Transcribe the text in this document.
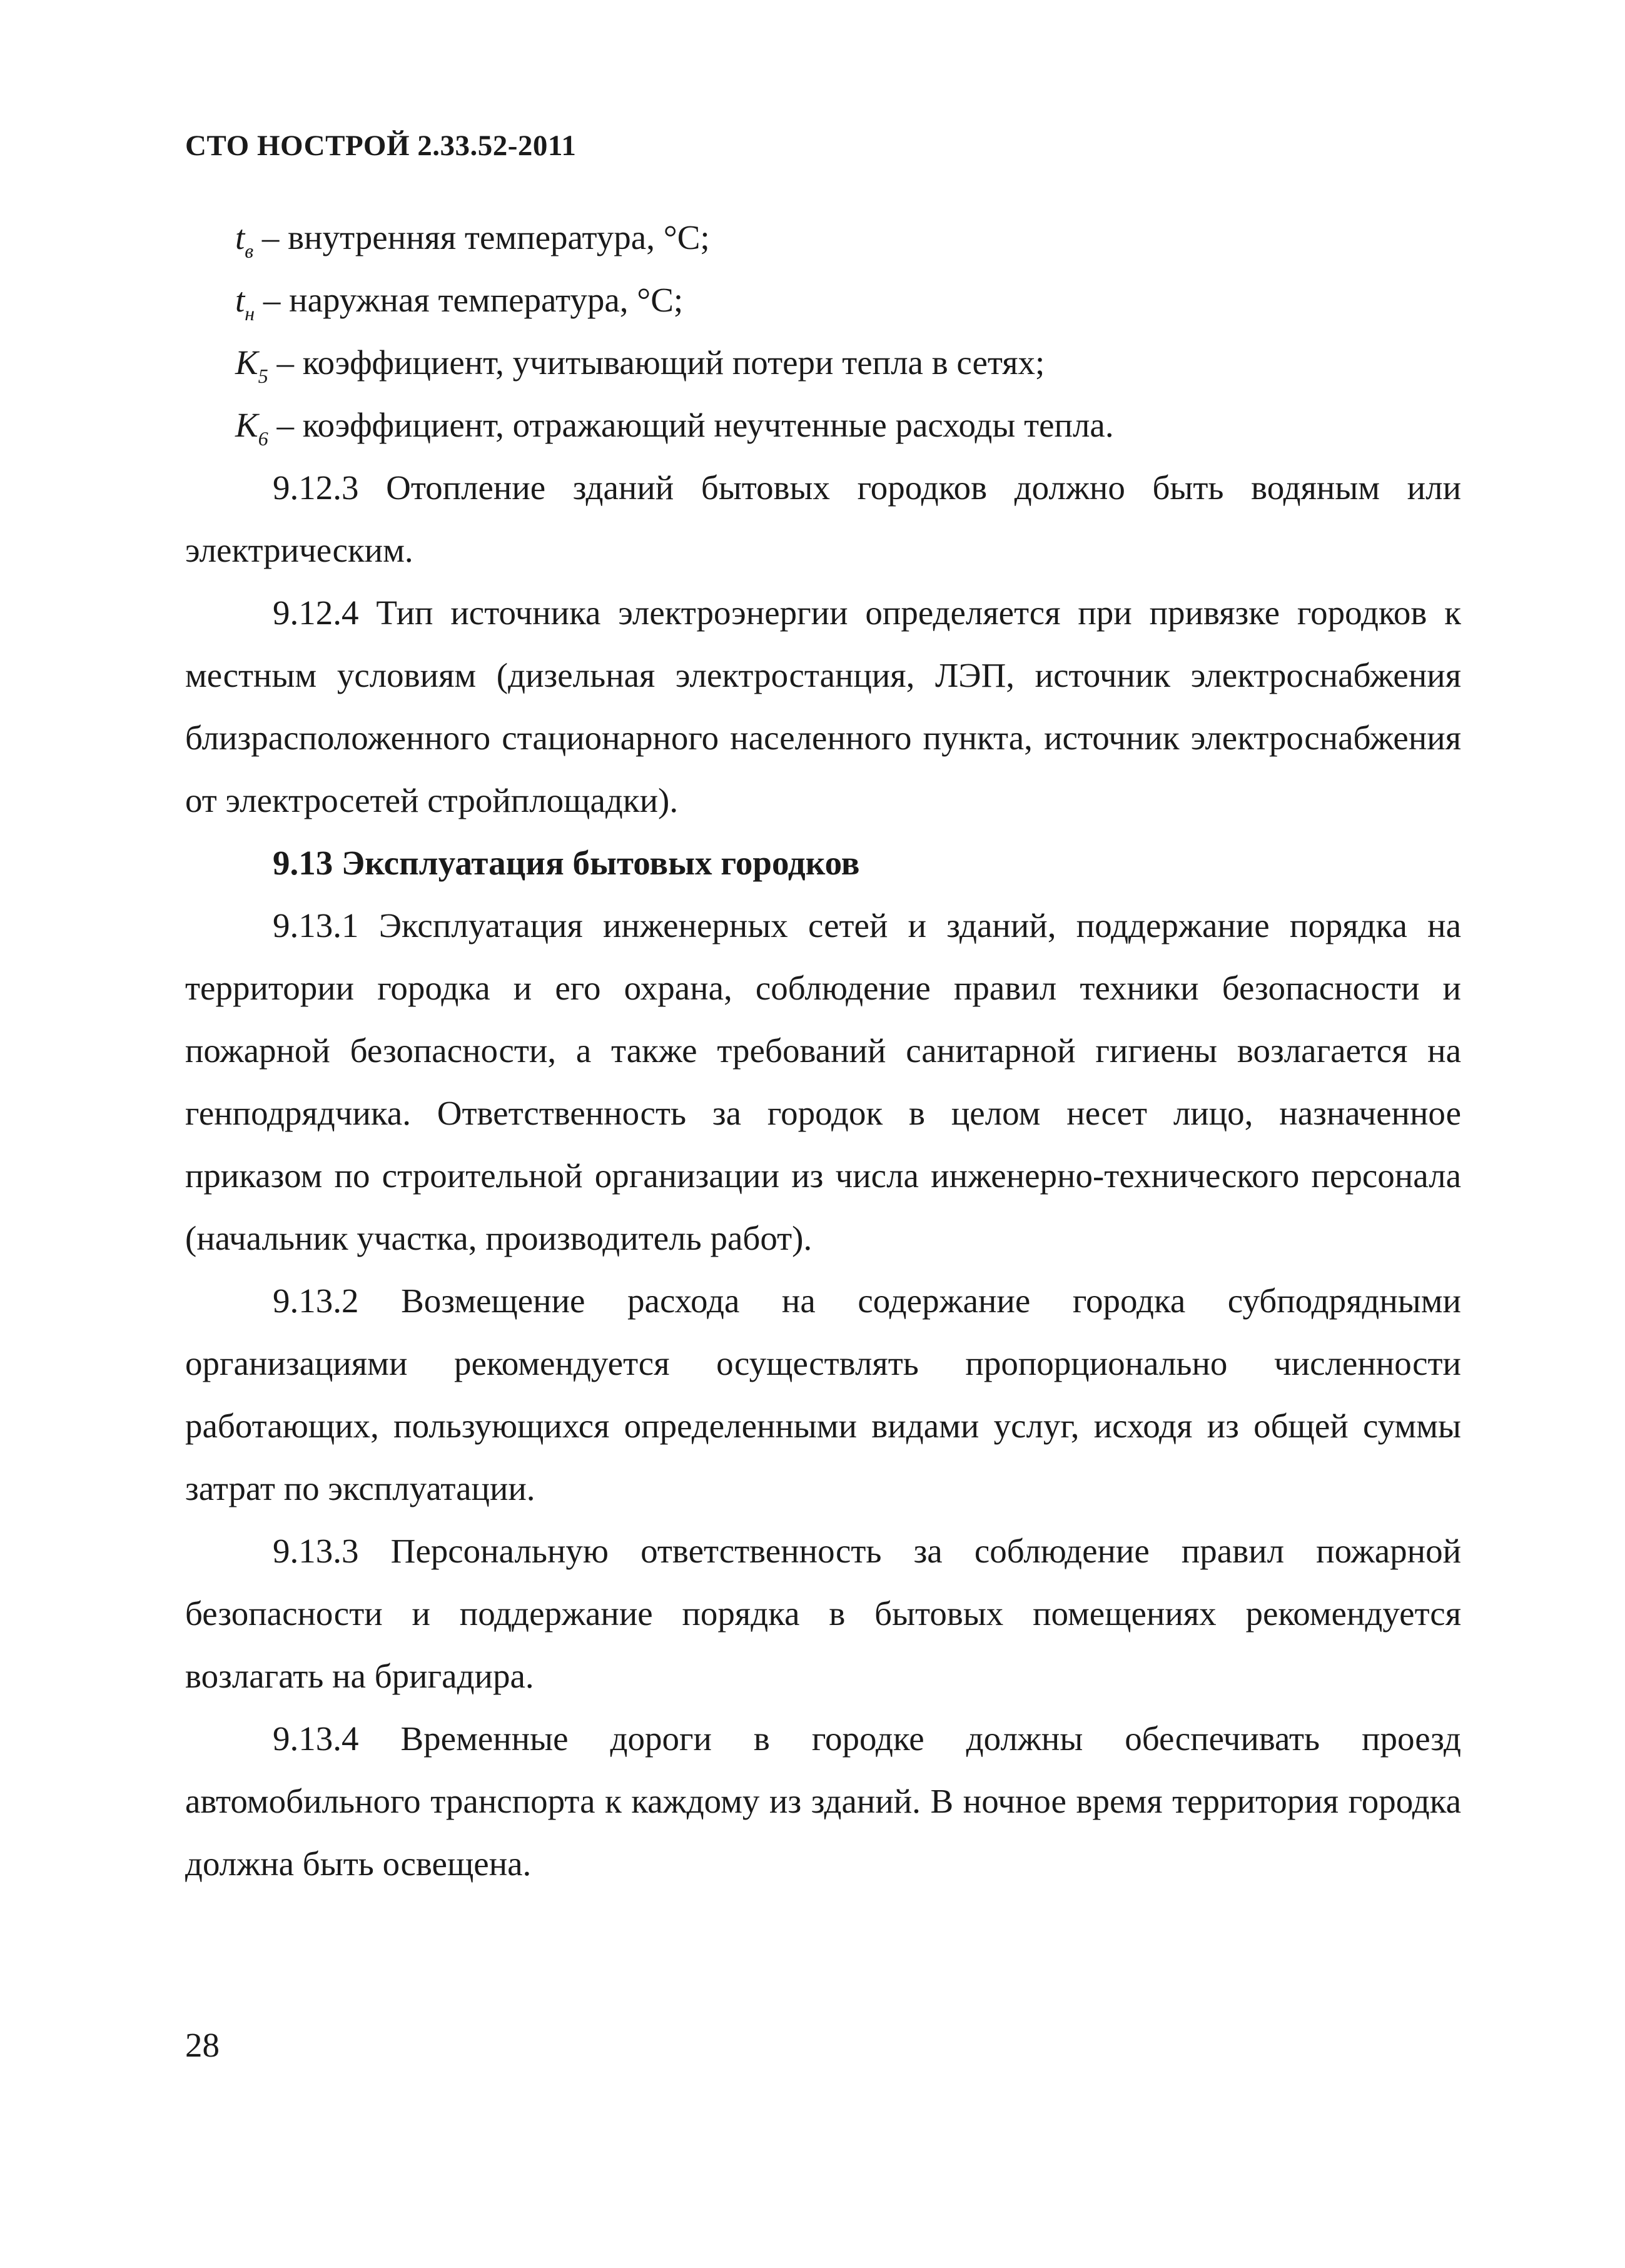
СТО НОСТРОЙ 2.33.52-2011
$t_в$ – внутренняя температура, °С;
$t_н$ – наружная температура, °С;
$K_5$ – коэффициент, учитывающий потери тепла в сетях;
$K_6$ – коэффициент, отражающий неучтенные расходы тепла.

9.12.3 Отопление зданий бытовых городков должно быть водяным или электрическим.

9.12.4 Тип источника электроэнергии определяется при привязке городков к местным условиям (дизельная электростанция, ЛЭП, источник электроснабжения близрасположенного стационарного населенного пункта, источник электроснабжения от электросетей стройплощадки).

9.13 Эксплуатация бытовых городков

9.13.1 Эксплуатация инженерных сетей и зданий, поддержание порядка на территории городка и его охрана, соблюдение правил техники безопасности и пожарной безопасности, а также требований санитарной гигиены возлагается на генподрядчика. Ответственность за городок в целом несет лицо, назначенное приказом по строительной организации из числа инженерно-технического персонала (начальник участка, производитель работ).

9.13.2 Возмещение расхода на содержание городка субподрядными организациями рекомендуется осуществлять пропорционально численности работающих, пользующихся определенными видами услуг, исходя из общей суммы затрат по эксплуатации.

9.13.3 Персональную ответственность за соблюдение правил пожарной безопасности и поддержание порядка в бытовых помещениях рекомендуется возлагать на бригадира.

9.13.4 Временные дороги в городке должны обеспечивать проезд автомобильного транспорта к каждому из зданий. В ночное время территория городка должна быть освещена.

28
